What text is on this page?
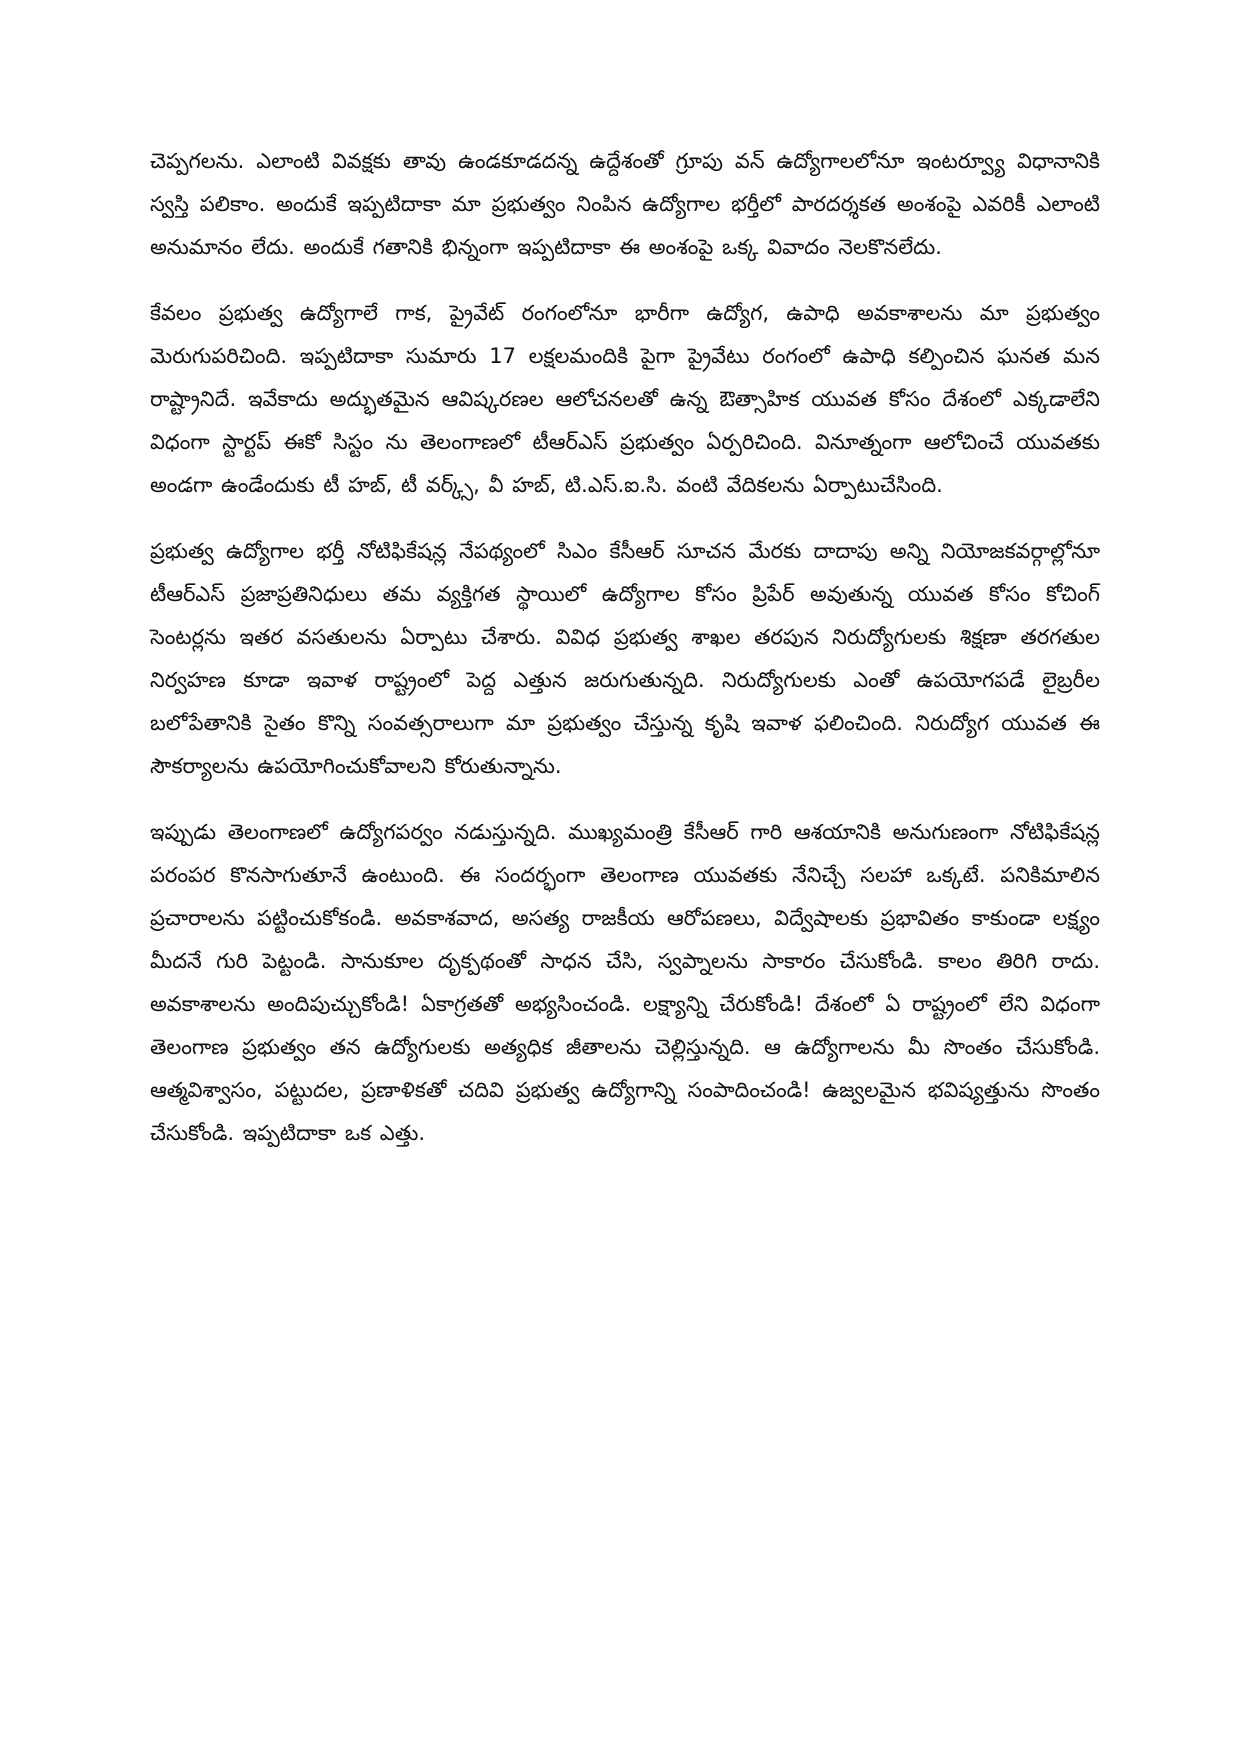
చెప్పగలను. ఎలాంటి వివక్షకు తావు ఉండకూడదన్న ఉద్దేశంతో గ్రూపు వన్ ఉద్యోగాలలోనూ ఇంటర్వ్యూ విధానానికి స్వస్తి పలికాం. అందుకే ఇప్పటిదాకా మా ప్రభుత్వం నింపిన ఉద్యోగాల భర్తీలో పారదర్శకత అంశంపై ఎవరికీ ఎలాంటి అనుమానం లేదు. అందుకే గతానికి భిన్నంగా ఇప్పటిదాకా ఈ అంశంపై ఒక్క వివాదం నెలకొనలేదు.

కేవలం ప్రభుత్వ ఉద్యోగాలే గాక, ప్రైవేట్ రంగంలోనూ భారీగా ఉద్యోగ, ఉపాధి అవకాశాలను మా ప్రభుత్వం మెరుగుపరిచింది. ఇప్పటిదాకా సుమారు 17 లక్షలమందికి పైగా ప్రైవేటు రంగంలో ఉపాధి కల్పించిన ఘనత మన రాష్ట్రానిదే. ఇవేకాదు అద్భుతమైన ఆవిష్కరణల ఆలోచనలతో ఉన్న ఔత్సాహిక యువత కోసం దేశంలో ఎక్కడాలేని విధంగా స్టార్టప్ ఈకో సిస్టం ను తెలంగాణలో టీఆర్ఎస్ ప్రభుత్వం ఏర్పరిచింది. వినూత్నంగా ఆలోచించే యువతకు అండగా ఉండేందుకు టీ హబ్, టీ వర్క్స్, వీ హబ్, టి.ఎస్.ఐ.సి. వంటి వేదికలను ఏర్పాటుచేసింది.

ప్రభుత్వ ఉద్యోగాల భర్తీ నోటిఫికేషన్ల నేపథ్యంలో సిఎం కేసీఆర్ సూచన మేరకు దాదాపు అన్ని నియోజకవర్గాల్లోనూ టీఆర్ఎస్ ప్రజాప్రతినిధులు తమ వ్యక్తిగత స్థాయిలో ఉద్యోగాల కోసం ప్రిపేర్ అవుతున్న యువత కోసం కోచింగ్ సెంటర్లను ఇతర వసతులను ఏర్పాటు చేశారు. వివిధ ప్రభుత్వ శాఖల తరపున నిరుద్యోగులకు శిక్షణా తరగతుల నిర్వహణ కూడా ఇవాళ రాష్ట్రంలో పెద్ద ఎత్తున జరుగుతున్నది. నిరుద్యోగులకు ఎంతో ఉపయోగపడే లైబ్రరీల బలోపేతానికి సైతం కొన్ని సంవత్సరాలుగా మా ప్రభుత్వం చేస్తున్న కృషి ఇవాళ ఫలించింది. నిరుద్యోగ యువత ఈ సౌకర్యాలను ఉపయోగించుకోవాలని కోరుతున్నాను.

ఇప్పుడు తెలంగాణలో ఉద్యోగపర్వం నడుస్తున్నది. ముఖ్యమంత్రి కేసీఆర్ గారి ఆశయానికి అనుగుణంగా నోటిఫికేషన్ల పరంపర కొనసాగుతూనే ఉంటుంది. ఈ సందర్భంగా తెలంగాణ యువతకు నేనిచ్చే సలహా ఒక్కటే. పనికిమాలిన ప్రచారాలను పట్టించుకోకండి. అవకాశవాద, అసత్య రాజకీయ ఆరోపణలు, విద్వేషాలకు ప్రభావితం కాకుండా లక్ష్యం మీదనే గురి పెట్టండి. సానుకూల దృక్పథంతో సాధన చేసి, స్వప్నాలను సాకారం చేసుకోండి. కాలం తిరిగి రాదు. అవకాశాలను అందిపుచ్చుకోండి! ఏకాగ్రతతో అభ్యసించండి. లక్ష్యాన్ని చేరుకోండి! దేశంలో ఏ రాష్ట్రంలో లేని విధంగా తెలంగాణ ప్రభుత్వం తన ఉద్యోగులకు అత్యధిక జీతాలను చెల్లిస్తున్నది. ఆ ఉద్యోగాలను మీ సొంతం చేసుకోండి. ఆత్మవిశ్వాసం, పట్టుదల, ప్రణాళికతో చదివి ప్రభుత్వ ఉద్యోగాన్ని సంపాదించండి! ఉజ్వలమైన భవిష్యత్తును సొంతం చేసుకోండి. ఇప్పటిదాకా ఒక ఎత్తు.
